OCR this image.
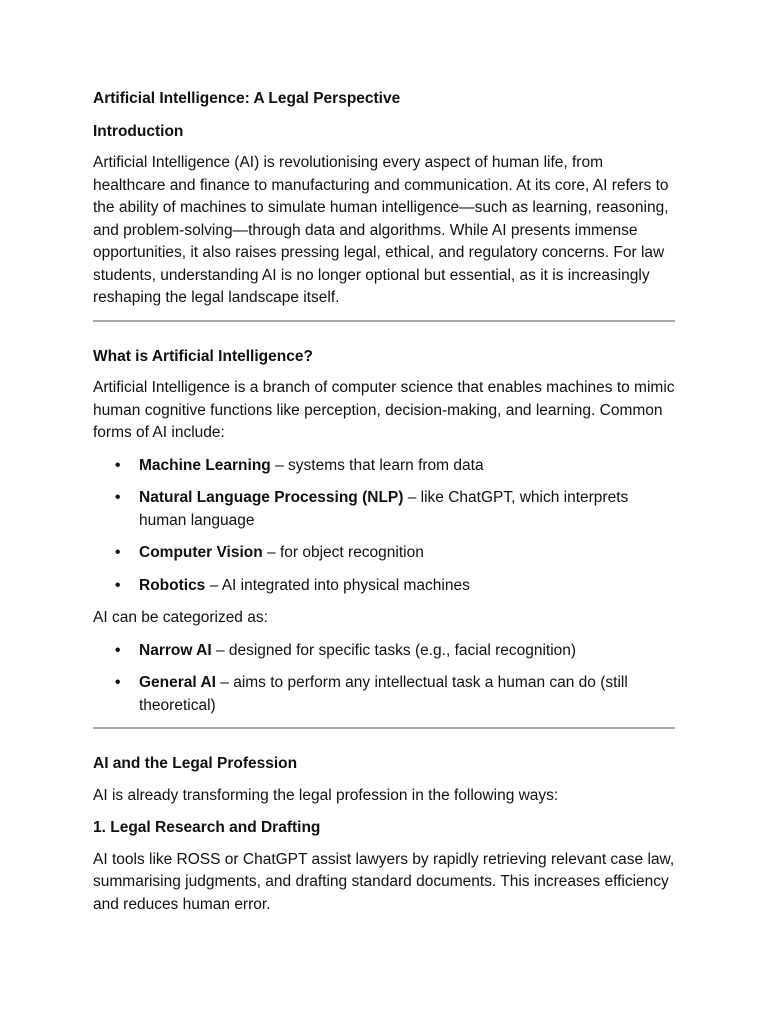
Artificial Intelligence: A Legal Perspective
Introduction

Artificial Intelligence (AI) is revolutionising every aspect of human life, from healthcare and finance to manufacturing and communication. At its core, AI refers to the ability of machines to simulate human intelligence—such as learning, reasoning, and problem-solving—through data and algorithms. While AI presents immense opportunities, it also raises pressing legal, ethical, and regulatory concerns. For law students, understanding AI is no longer optional but essential, as it is increasingly reshaping the legal landscape itself.

What is Artificial Intelligence?

Artificial Intelligence is a branch of computer science that enables machines to mimic human cognitive functions like perception, decision-making, and learning. Common forms of AI include:

• Machine Learning – systems that learn from data
• Natural Language Processing (NLP) – like ChatGPT, which interprets human language
• Computer Vision – for object recognition
• Robotics – AI integrated into physical machines

AI can be categorized as:

• Narrow AI – designed for specific tasks (e.g., facial recognition)
• General AI – aims to perform any intellectual task a human can do (still theoretical)
AI and the Legal Profession

AI is already transforming the legal profession in the following ways:

1. Legal Research and Drafting

AI tools like ROSS or ChatGPT assist lawyers by rapidly retrieving relevant case law, summarising judgments, and drafting standard documents. This increases efficiency and reduces human error.
